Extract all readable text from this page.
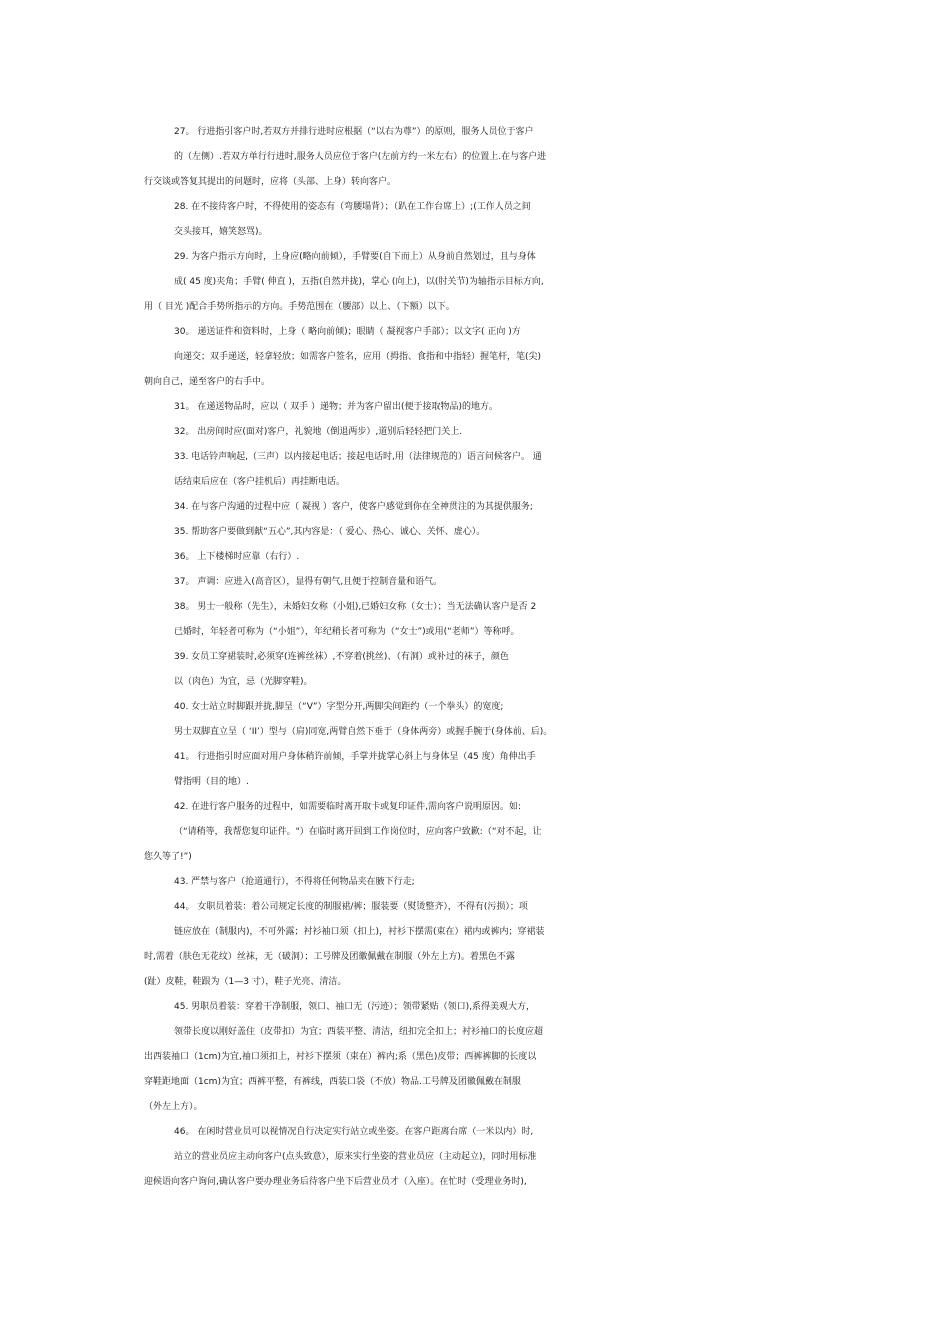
27。 行进指引客户时,若双方并排行进时应根据（“以右为尊”）的原则，服务人员位于客户
的（左侧）.若双方单行行进时,服务人员应位于客户(左前方约一米左右）的位置上.在与客户进
行交谈或答复其提出的问题时，应将（头部、上身）转向客户。
28. 在不接待客户时，不得使用的姿态有（弯腰塌背）；（趴在工作台席上）;(工作人员之间
交头接耳，嬉笑怒骂)。
29. 为客户指示方向时，上身应(略向前倾），手臂要(自下而上）从身前自然划过，且与身体
成( 45 度)夹角；手臂( 伸直 )，五指(自然并拢)，掌心 (向上)，以(肘关节)为轴指示目标方向,
用（ 目光 )配合手势所指示的方向。手势范围在（腰部）以上、（下额）以下。
30。 递送证件和资料时，上身（ 略向前倾)；眼睛（ 凝视客户手部）；以文字( 正向 )方
向递交；双手递送，轻拿轻放；如需客户签名，应用（拇指、食指和中指轻）握笔杆，笔(尖)
朝向自己，递至客户的右手中。
31。 在递送物品时，应以（ 双手 ）递物；并为客户留出(便于接取物品)的地方。
32。 出房间时应(面对)客户，礼貌地（倒退两步）,道别后轻轻把门关上.
33. 电话铃声响起,（三声）以内接起电话；接起电话时,用（法律规范的）语言问候客户。 通
话结束后应在（客户挂机后）再挂断电话。
34. 在与客户沟通的过程中应（ 凝视 ）客户，使客户感觉到你在全神贯注的为其提供服务;
35. 帮助客户要做到献“五心”,其内容是：（ 爱心、热心、诚心、关怀、虚心）。
36。 上下楼梯时应靠（右行）.
37。 声调：应进入(高音区），显得有朝气,且便于控制音量和语气。
38。 男士一般称（先生），未婚妇女称（小姐),已婚妇女称（女士）；当无法确认客户是否 2
已婚时，年轻者可称为（“小姐”），年纪稍长者可称为（“女士”)或用(“老师”）等称呼。
39. 女员工穿裙装时,必须穿(连裤丝袜）,不穿着(挑丝)、（有洞）或补过的袜子，颜色
以（肉色）为宜，忌（光脚穿鞋)。
40. 女士站立时脚跟并拢,脚呈（“V”）字型分开,两脚尖间距约（一个拳头）的宽度;
男士双脚直立呈（ ‘II’）型与（肩)同宽,两臂自然下垂于（身体两旁）或握手腕于(身体前、后)。
41。 行进指引时应面对用户身体稍许前倾，手掌并拢掌心斜上与身体呈（45 度）角伸出手
臂指明（目的地）.
42. 在进行客户服务的过程中，如需要临时离开取卡或复印证件,需向客户说明原因。如:
（“请稍等，我帮您复印证件。"）在临时离开回到工作岗位时，应向客户致歉:（“对不起，让
您久等了!”)
43. 严禁与客户（抢道通行），不得将任何物品夹在腋下行走;
44。 女职员着装：着公司规定长度的制服裙/裤；服装要（熨烫整齐），不得有(污损）；项
链应放在（制服内)，不可外露；衬衫袖口须（扣上)，衬衫下摆需(束在）裙内或裤内；穿裙装
时,需着（肤色无花纹）丝袜，无（破洞）；工号牌及团徽佩戴在制服（外左上方)。着黑色不露
(趾）皮鞋，鞋跟为（1—3 寸），鞋子光亮、清洁。
45. 男职员着装：穿着干净制服，领口、袖口无（污迹）；领带紧贴（领口),系得美观大方，
领带长度以刚好盖住（皮带扣）为宜；西装平整、清洁，纽扣完全扣上；衬衫袖口的长度应超
出西装袖口（1cm)为宜,袖口须扣上，衬衫下摆须（束在）裤内;系（黑色)皮带；西裤裤脚的长度以
穿鞋距地面（1cm)为宜；西裤平整，有裤线，西装口袋（不放）物品.工号牌及团徽佩戴在制服
（外左上方）。
46。 在闲时营业员可以视情况自行决定实行站立或坐姿。在客户距离台席（一米以内）时,
站立的营业员应主动向客户(点头致意），原来实行坐姿的营业员应（主动起立)，同时用标准
迎候语向客户询问,确认客户要办理业务后待客户坐下后营业员才（入座）。在忙时（受理业务时),
